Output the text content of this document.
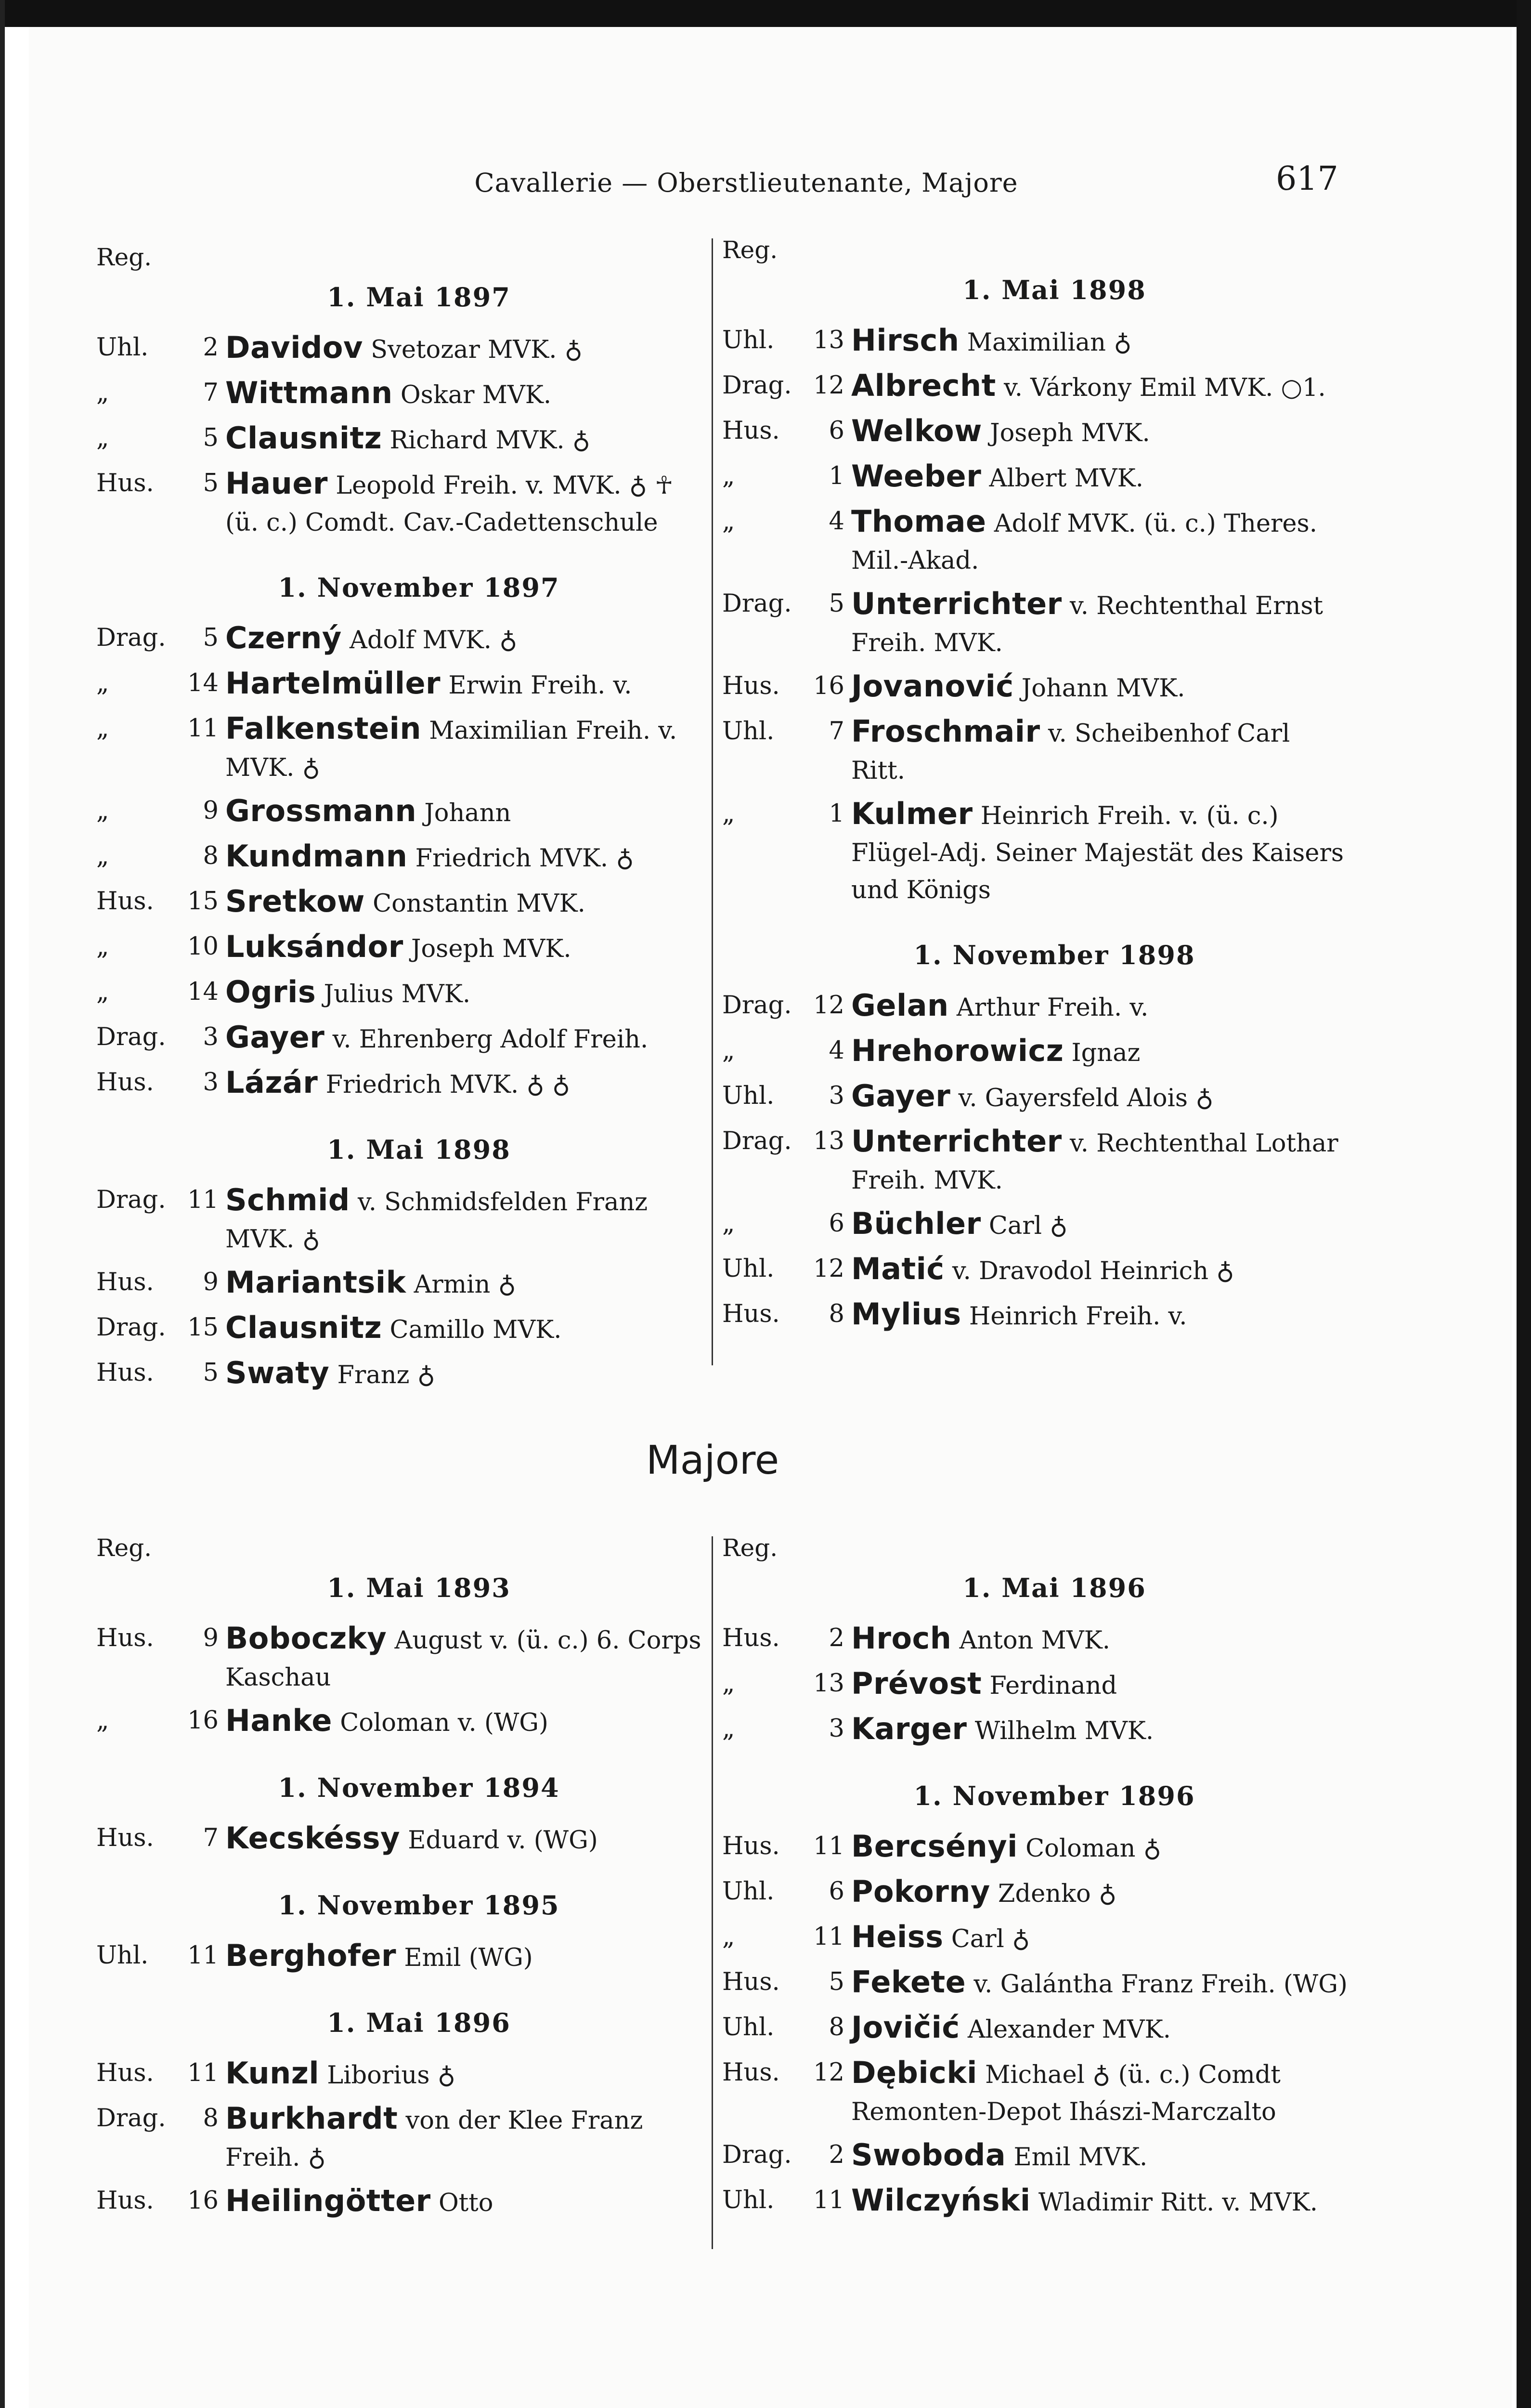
Cavallerie — Oberstlieutenante, Majore	617
Reg.
1. Mai 1897
Uhl.	2 Davidov Svetozar MVK. ♁
„	7 Wittmann Oskar MVK.
„	5 Clausnitz Richard MVK. ♁
Hus.	5 Hauer Leopold Freih. v. MVK. ♁ ☥ (ü. c.) Comdt. Cav.-Cadettenschule
1. November 1897
Drag.	5 Czerný Adolf MVK. ♁
„	14 Hartelmüller Erwin Freih. v.
„	11 Falkenstein Maximilian Freih. v. MVK. ♁
„	9 Grossmann Johann
„	8 Kundmann Friedrich MVK. ♁
Hus.	15 Sretkow Constantin MVK.
„	10 Luksándor Joseph MVK.
„	14 Ogris Julius MVK.
Drag.	3 Gayer v. Ehrenberg Adolf Freih.
Hus.	3 Lázár Friedrich MVK. ♁ ♁
1. Mai 1898
Drag. 11 Schmid v. Schmidsfelden Franz MVK. ♁
Hus.	9 Mariantsik Armin ♁
Drag. 15 Clausnitz Camillo MVK.
Hus.	5 Swaty Franz ♁
Reg.
1. Mai 1898
Uhl.	13 Hirsch Maximilian ♁
Drag. 12 Albrecht v. Várkony Emil MVK. ○1.
Hus.	6 Welkow Joseph MVK.
„	1 Weeber Albert MVK.
„	4 Thomae Adolf MVK. (ü. c.) Theres. Mil.-Akad.
Drag.	5 Unterrichter v. Rechtenthal Ernst Freih. MVK.
Hus.	16 Jovanović Johann MVK.
Uhl.	7 Froschmair v. Scheibenhof Carl Ritt.
„	1 Kulmer Heinrich Freih. v. (ü. c.) Flügel-Adj. Seiner Majestät des Kaisers und Königs
1. November 1898
Drag. 12 Gelan Arthur Freih. v.
„	4 Hrehorowicz Ignaz
Uhl.	3 Gayer v. Gayersfeld Alois ♁
Drag. 13 Unterrichter v. Rechtenthal Lothar Freih. MVK.
„	6 Büchler Carl ♁
Uhl.	12 Matić v. Dravodol Heinrich ♁
Hus.	8 Mylius Heinrich Freih. v.
Majore
Reg.
1. Mai 1893
Hus.	9 Boboczky August v. (ü. c.) 6. Corps Kaschau
„	16 Hanke Coloman v. (WG)
1. November 1894
Hus.	7 Kecskéssy Eduard v. (WG)
1. November 1895
Uhl.	11 Berghofer Emil (WG)
1. Mai 1896
Hus.	11 Kunzl Liborius ♁
Drag.	8 Burkhardt von der Klee Franz Freih. ♁
Hus.	16 Heilingötter Otto
Reg.
1. Mai 1896
Hus.	2 Hroch Anton MVK.
„	13 Prévost Ferdinand
„	3 Karger Wilhelm MVK.
1. November 1896
Hus.	11 Bercsényi Coloman ♁
Uhl.	6 Pokorny Zdenko ♁
„	11 Heiss Carl ♁
Hus.	5 Fekete v. Galántha Franz Freih. (WG)
Uhl.	8 Jovičić Alexander MVK.
Hus.	12 Dębicki Michael ♁ (ü. c.) Comdt Remonten-Depot Ihászi-Marczalto
Drag.	2 Swoboda Emil MVK.
Uhl.	11 Wilczyński Wladimir Ritt. v. MVK.
